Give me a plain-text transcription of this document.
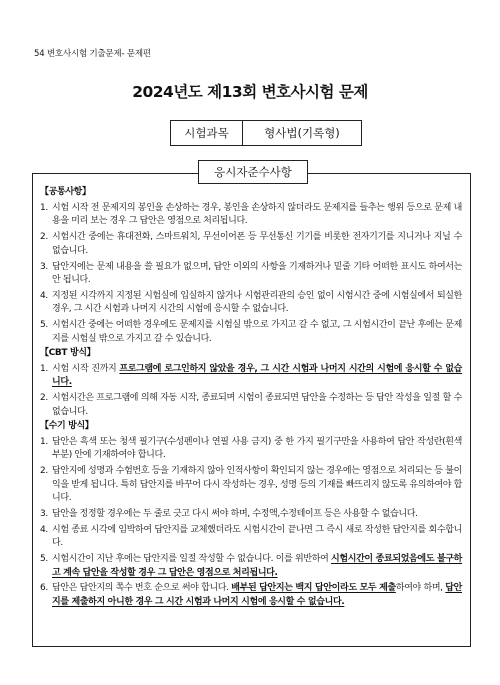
54 변호사시험 기출문제- 문제편
2024년도 제13회 변호사시험 문제
시험과목	형사법(기록형)
응시자준수사항
【공통사항】
1. 시험 시작 전 문제지의 봉인을 손상하는 경우, 봉인을 손상하지 않더라도 문제지를 들추는 행위 등으로 문제 내용을 미리 보는 경우 그 답안은 영점으로 처리됩니다.
2. 시험시간 중에는 휴대전화, 스마트워치, 무선이어폰 등 무선통신 기기를 비롯한 전자기기를 지니거나 지닐 수 없습니다.
3. 답안지에는 문제 내용을 쓸 필요가 없으며, 답안 이외의 사항을 기재하거나 밑줄 기타 어떠한 표시도 하여서는 안 됩니다.
4. 지정된 시각까지 지정된 시험실에 입실하지 않거나 시험관리관의 승인 없이 시험시간 중에 시험실에서 퇴실한 경우, 그 시간 시험과 나머지 시간의 시험에 응시할 수 없습니다.
5. 시험시간 중에는 어떠한 경우에도 문제지를 시험실 밖으로 가지고 갈 수 없고, 그 시험시간이 끝난 후에는 문제지를 시험실 밖으로 가지고 갈 수 있습니다.
【CBT 방식】
1. 시험 시작 진까지 프로그램에 로그인하지 않았을 경우, 그 시간 시험과 나머지 시간의 시험에 응시할 수 없습니다.
2. 시험시간은 프로그램에 의해 자동 시작, 종료되며 시험이 종료되면 답안을 수정하는 등 답안 작성을 일절 할 수 없습니다.
【수기 방식】
1. 답안은 흑색 또는 청색 필기구(수성펜이나 연필 사용 금지) 중 한 가지 필기구만을 사용하여 답안 작성란(흰색 부분) 안에 기재하여야 합니다.
2. 답안지에 성명과 수험번호 등을 기재하지 않아 인적사항이 확인되지 않는 경우에는 영점으로 처리되는 등 불이익을 받게 됩니다. 특히 답안지를 바꾸어 다시 작성하는 경우, 성명 등의 기재를 빠뜨리지 않도록 유의하여야 합니다.
3. 답안을 정정할 경우에는 두 줄로 긋고 다시 써야 하며, 수정액,수정테이프 등은 사용할 수 없습니다.
4. 시험 종료 시각에 임박하여 답안지를 교체했더라도 시험시간이 끝나면 그 즉시 새로 작성한 답안지를 회수합니다.
5. 시험시간이 지난 후에는 답안지를 일절 작성할 수 없습니다. 이를 위반하여 시험시간이 종료되었음에도 불구하고 계속 답안을 작성할 경우 그 답안은 영점으로 처리됩니다.
6. 답안은 답안지의 쪽수 번호 순으로 써야 합니다. 배부된 답안지는 백지 답안이라도 모두 제출하여야 하며, 답안지를 제출하지 아니한 경우 그 시간 시험과 나머지 시험에 응시할 수 없습니다.
